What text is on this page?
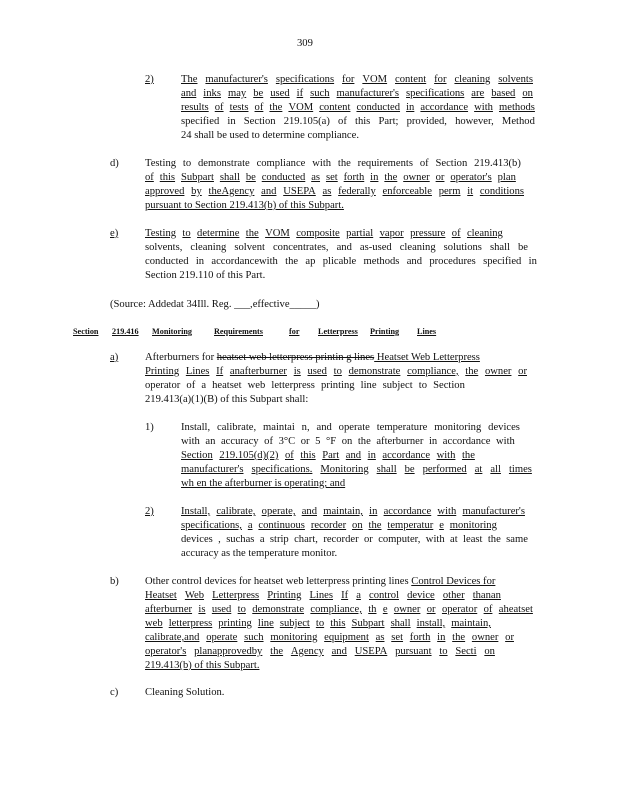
309
2)	The manufacturer's specifications for VOM content for cleaning solvents
and inks may be used if such manufacturer's specifications are based on
results of tests of the VOM content conducted in accordance with methods
specified in Section 219.105(a) of this Part; provided, however, Method
24 shall be used to determine compliance.
d) Testing to demonstrate compliance with the requirements of Section 219.413(b)
of this Subpart shall be conducted as set forth in the owner or operator's plan
approved by theAgency and USEPA as federally enforceable perm it conditions
pursuant to Section 219.413(b) of this Subpart.
e)	Testing to determine the VOM composite partial vapor pressure of cleaning
solvents, cleaning solvent concentrates, and as-used cleaning solutions shall be
conducted in accordancewith the ap plicable methods and procedures specified in
Section 219.110 of this Part.
(Source: Addedat 34Ill. Reg. ___,effective_____)
Section 219.416 Monitoring	Requirements	for Letterpress Printing Lines
a)	Afterburners for heatset web letterpress printin g lines Heatset Web Letterpress
Printing Lines If anafterburner is used to demonstrate compliance, the owner or
operator of a heatset web letterpress printing line subject to Section
219.413(a)(1)(B) of this Subpart shall:
1)	Install, calibrate, maintai n, and operate temperature monitoring devices
with an accuracy of 3°C or 5 °F on the afterburner in accordance with
Section 219.105(d)(2) of this Part and in accordance with the
manufacturer's specifications. Monitoring shall be performed at all times
wh en the afterburner is operating; and
2)	Install, calibrate, operate, and maintain, in accordance with manufacturer's
specifications, a continuous recorder on the temperatur e monitoring
devices , suchas a strip chart, recorder or computer, with at least the same
accuracy as the temperature monitor.
b) Other control devices for heatset web letterpress printing lines Control Devices for
Heatset Web Letterpress Printing Lines If a control device other thanan
afterburner is used to demonstrate compliance, th e owner or operator of aheatset
web letterpress printing line subject to this Subpart shall install, maintain,
calibrate,and operate such monitoring equipment as set forth in the owner or
operator's planapprovedby the Agency and USEPA pursuant to Secti on
219.413(b) of this Subpart.
c)	Cleaning Solution.
